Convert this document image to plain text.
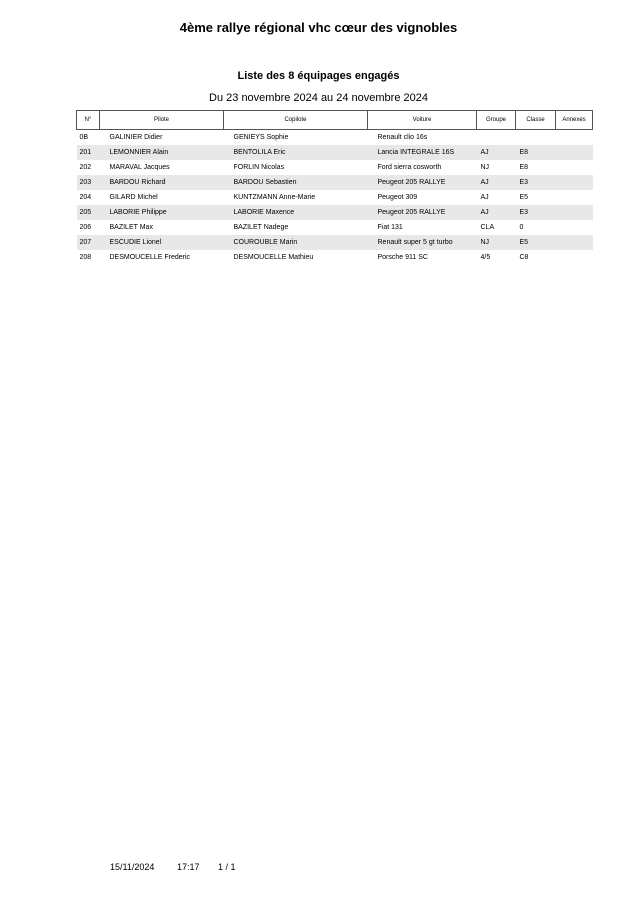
4ème rallye régional vhc cœur des vignobles
Liste des 8 équipages engagés
Du 23 novembre 2024 au 24 novembre 2024
N°	Pilote	Copilote	Voiture	Groupe	Classe	Annexes
0B	GALINIER Didier	GENIEYS Sophie	Renault clio 16s			
201	LEMONNIER Alain	BENTOLILA Eric	Lancia INTEGRALE 16S	AJ	E8	
202	MARAVAL Jacques	FORLIN Nicolas	Ford sierra cosworth	NJ	E8	
203	BARDOU Richard	BARDOU Sebastien	Peugeot 205 RALLYE	AJ	E3	
204	GILARD Michel	KUNTZMANN Anne-Marie	Peugeot 309	AJ	E5	
205	LABORIE Philippe	LABORIE Maxence	Peugeot 205 RALLYE	AJ	E3	
206	BAZILET Max	BAZILET Nadege	Fiat 131	CLA	0	
207	ESCUDIE Lionel	COUROUBLE Marin	Renault super 5 gt turbo	NJ	E5	
208	DESMOUCELLE Frederic	DESMOUCELLE Mathieu	Porsche 911 SC	4/5	C8	
15/11/2024	17:17 1 / 1
